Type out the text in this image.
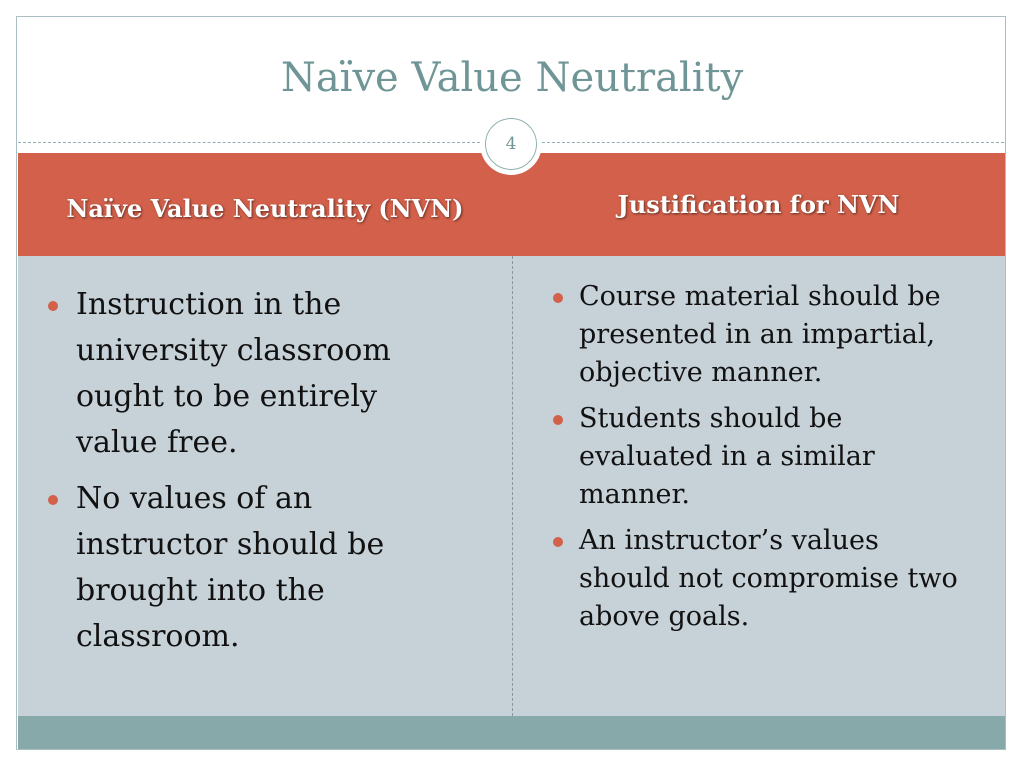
Naïve Value Neutrality
Naïve Value Neutrality (NVN)	Justification for NVN
4
Instruction in the university classroom ought to be entirely value free.
No values of an instructor should be brought into the classroom.
Course material should be presented in an impartial, objective manner.
Students should be evaluated in a similar manner.
An instructor’s values should not compromise two above goals.
